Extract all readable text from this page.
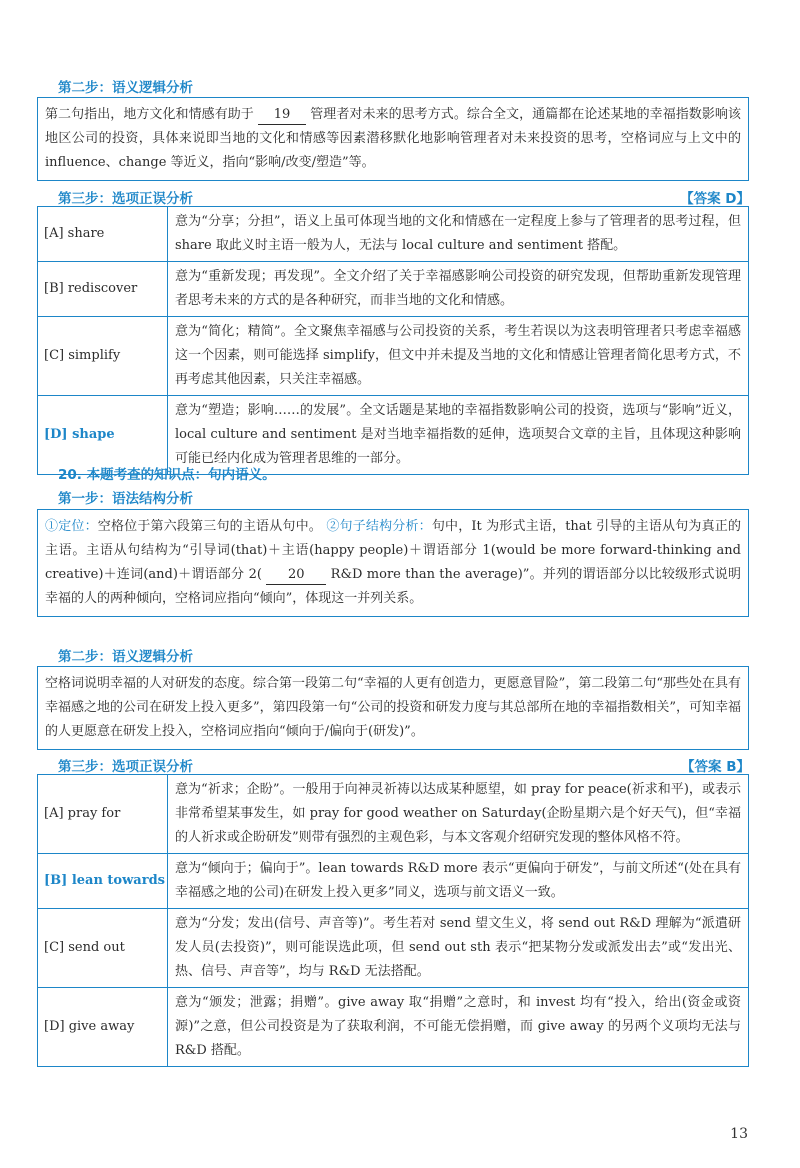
第二步：语义逻辑分析
第二句指出，地方文化和情感有助于 19 管理者对未来的思考方式。综合全文，通篇都在论述某地的幸福指数影响该地区公司的投资，具体来说即当地的文化和情感等因素潜移默化地影响管理者对未来投资的思考，空格词应与上文中的 influence、change 等近义，指向“影响/改变/塑造”等。
第三步：选项正误分析	【答案 D】
[A] share	意为“分享；分担”，语义上虽可体现当地的文化和情感在一定程度上参与了管理者的思考过程，但 share 取此义时主语一般为人，无法与 local culture and sentiment 搭配。
[B] rediscover	意为“重新发现；再发现”。全文介绍了关于幸福感影响公司投资的研究发现，但帮助重新发现管理者思考未来的方式的是各种研究，而非当地的文化和情感。
[C] simplify	意为“简化；精简”。全文聚焦幸福感与公司投资的关系，考生若误以为这表明管理者只考虑幸福感这一个因素，则可能选择 simplify，但文中并未提及当地的文化和情感让管理者简化思考方式，不再考虑其他因素，只关注幸福感。
[D] shape	意为“塑造；影响……的发展”。全文话题是某地的幸福指数影响公司的投资，选项与“影响”近义，local culture and sentiment 是对当地幸福指数的延伸，选项契合文章的主旨，且体现这种影响可能已经内化成为管理者思维的一部分。
20. 本题考查的知识点：句内语义。
第一步：语法结构分析
①定位：空格位于第六段第三句的主语从句中。 ②句子结构分析：句中，It 为形式主语，that 引导的主语从句为真正的主语。主语从句结构为“引导词(that)＋主语(happy people)＋谓语部分 1(would be more forward-thinking and creative)＋连词(and)＋谓语部分 2( 20 R&D more than the average)”。并列的谓语部分以比较级形式说明幸福的人的两种倾向，空格词应指向“倾向”，体现这一并列关系。
第二步：语义逻辑分析
空格词说明幸福的人对研发的态度。综合第一段第二句“幸福的人更有创造力，更愿意冒险”，第二段第二句“那些处在具有幸福感之地的公司在研发上投入更多”，第四段第一句“公司的投资和研发力度与其总部所在地的幸福指数相关”，可知幸福的人更愿意在研发上投入，空格词应指向“倾向于/偏向于(研发)”。
第三步：选项正误分析	【答案 B】
[A] pray for	意为“祈求；企盼”。一般用于向神灵祈祷以达成某种愿望，如 pray for peace(祈求和平)，或表示非常希望某事发生，如 pray for good weather on Saturday(企盼星期六是个好天气)，但“幸福的人祈求或企盼研发”则带有强烈的主观色彩，与本文客观介绍研究发现的整体风格不符。
[B] lean towards	意为“倾向于；偏向于”。lean towards R&D more 表示“更偏向于研发”，与前文所述“(处在具有幸福感之地的公司)在研发上投入更多”同义，选项与前文语义一致。
[C] send out	意为“分发；发出(信号、声音等)”。考生若对 send 望文生义，将 send out R&D 理解为“派遣研发人员(去投资)”，则可能误选此项，但 send out sth 表示“把某物分发或派发出去”或“发出光、热、信号、声音等”，均与 R&D 无法搭配。
[D] give away	意为“颁发；泄露；捐赠”。give away 取“捐赠”之意时，和 invest 均有“投入，给出(资金或资源)”之意，但公司投资是为了获取利润，不可能无偿捐赠，而 give away 的另两个义项均无法与 R&D 搭配。
13
